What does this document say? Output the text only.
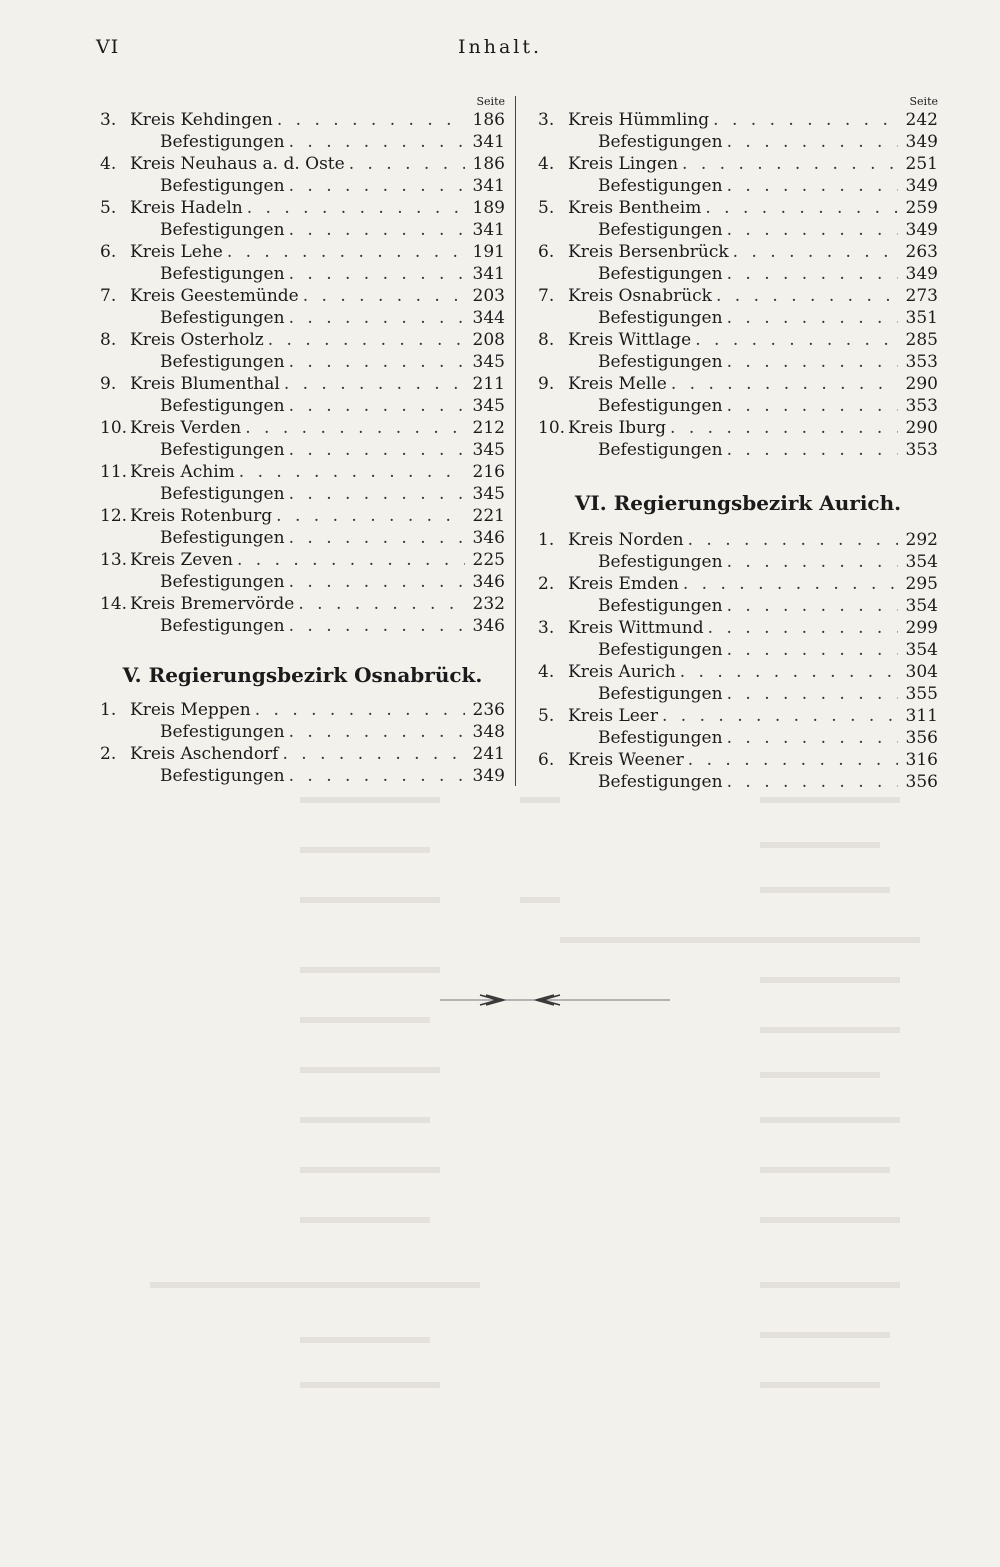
VI	Inhalt.
Seite
3. Kreis Kehdingen . . .	186
Befestigungen . . .	341
4. Kreis Neuhaus a. d. Oste . . .	186
Befestigungen . . .	341
5. Kreis Hadeln . . .	189
Befestigungen . . .	341
6. Kreis Lehe . . .	191
Befestigungen . . .	341
7. Kreis Geestemünde . . .	203
Befestigungen . . .	344
8. Kreis Osterholz . . .	208
Befestigungen . . .	345
9. Kreis Blumenthal . . .	211
Befestigungen . . .	345
10. Kreis Verden . . .	212
Befestigungen . . .	345
11. Kreis Achim . . .	216
Befestigungen . . .	345
12. Kreis Rotenburg . . .	221
Befestigungen . . .	346
13. Kreis Zeven . . .	225
Befestigungen . . .	346
14. Kreis Bremervörde . . .	232
Befestigungen . . .	346
V. Regierungsbezirk Osnabrück.
1. Kreis Meppen . . .	236
Befestigungen . . .	348
2. Kreis Aschendorf . . .	241
Befestigungen . . .	349
Seite
3. Kreis Hümmling . . .	242
Befestigungen . . .	349
4. Kreis Lingen . . .	251
Befestigungen . . .	349
5. Kreis Bentheim . . .	259
Befestigungen . . .	349
6. Kreis Bersenbrück . . .	263
Befestigungen . . .	349
7. Kreis Osnabrück . . .	273
Befestigungen . . .	351
8. Kreis Wittlage . . .	285
Befestigungen . . .	353
9. Kreis Melle . . .	290
Befestigungen . . .	353
10. Kreis Iburg . . .	290
Befestigungen . . .	353
VI. Regierungsbezirk Aurich.
1. Kreis Norden . . .	292
Befestigungen . . .	354
2. Kreis Emden . . .	295
Befestigungen . . .	354
3. Kreis Wittmund . . .	299
Befestigungen . . .	354
4. Kreis Aurich . . .	304
Befestigungen . . .	355
5. Kreis Leer . . .	311
Befestigungen . . .	356
6. Kreis Weener . . .	316
Befestigungen . . .	356
